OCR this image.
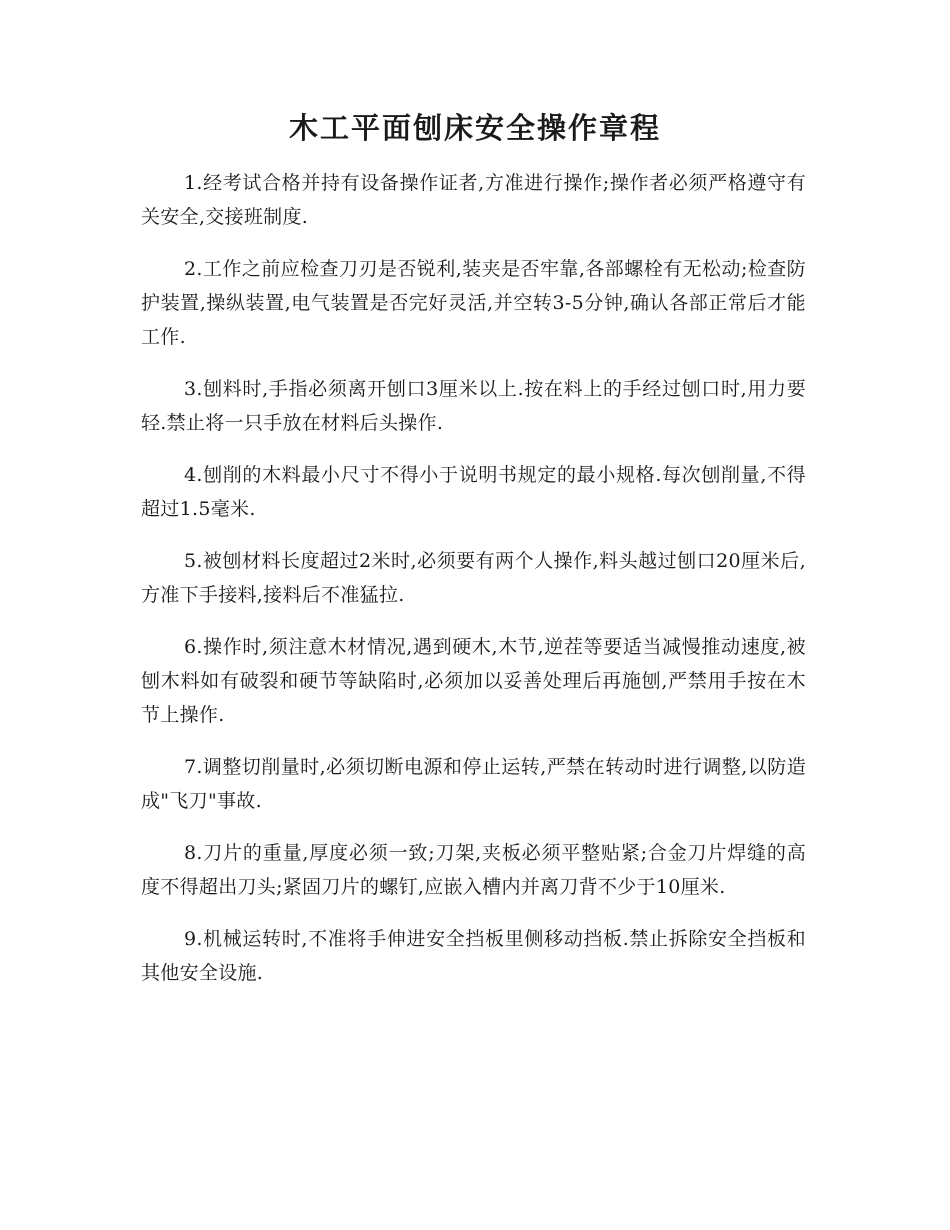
木工平面刨床安全操作章程

1.经考试合格并持有设备操作证者,方准进行操作;操作者必须严格遵守有关安全,交接班制度.

2.工作之前应检查刀刃是否锐利,装夹是否牢靠,各部螺栓有无松动;检查防护装置,操纵装置,电气装置是否完好灵活,并空转3-5分钟,确认各部正常后才能工作.

3.刨料时,手指必须离开刨口3厘米以上.按在料上的手经过刨口时,用力要轻.禁止将一只手放在材料后头操作.

4.刨削的木料最小尺寸不得小于说明书规定的最小规格.每次刨削量,不得超过1.5毫米.

5.被刨材料长度超过2米时,必须要有两个人操作,料头越过刨口20厘米后,方准下手接料,接料后不准猛拉.

6.操作时,须注意木材情况,遇到硬木,木节,逆茬等要适当减慢推动速度,被刨木料如有破裂和硬节等缺陷时,必须加以妥善处理后再施刨,严禁用手按在木节上操作.

7.调整切削量时,必须切断电源和停止运转,严禁在转动时进行调整,以防造成"飞刀"事故.

8.刀片的重量,厚度必须一致;刀架,夹板必须平整贴紧;合金刀片焊缝的高度不得超出刀头;紧固刀片的螺钉,应嵌入槽内并离刀背不少于10厘米.

9.机械运转时,不准将手伸进安全挡板里侧移动挡板.禁止拆除安全挡板和其他安全设施.
